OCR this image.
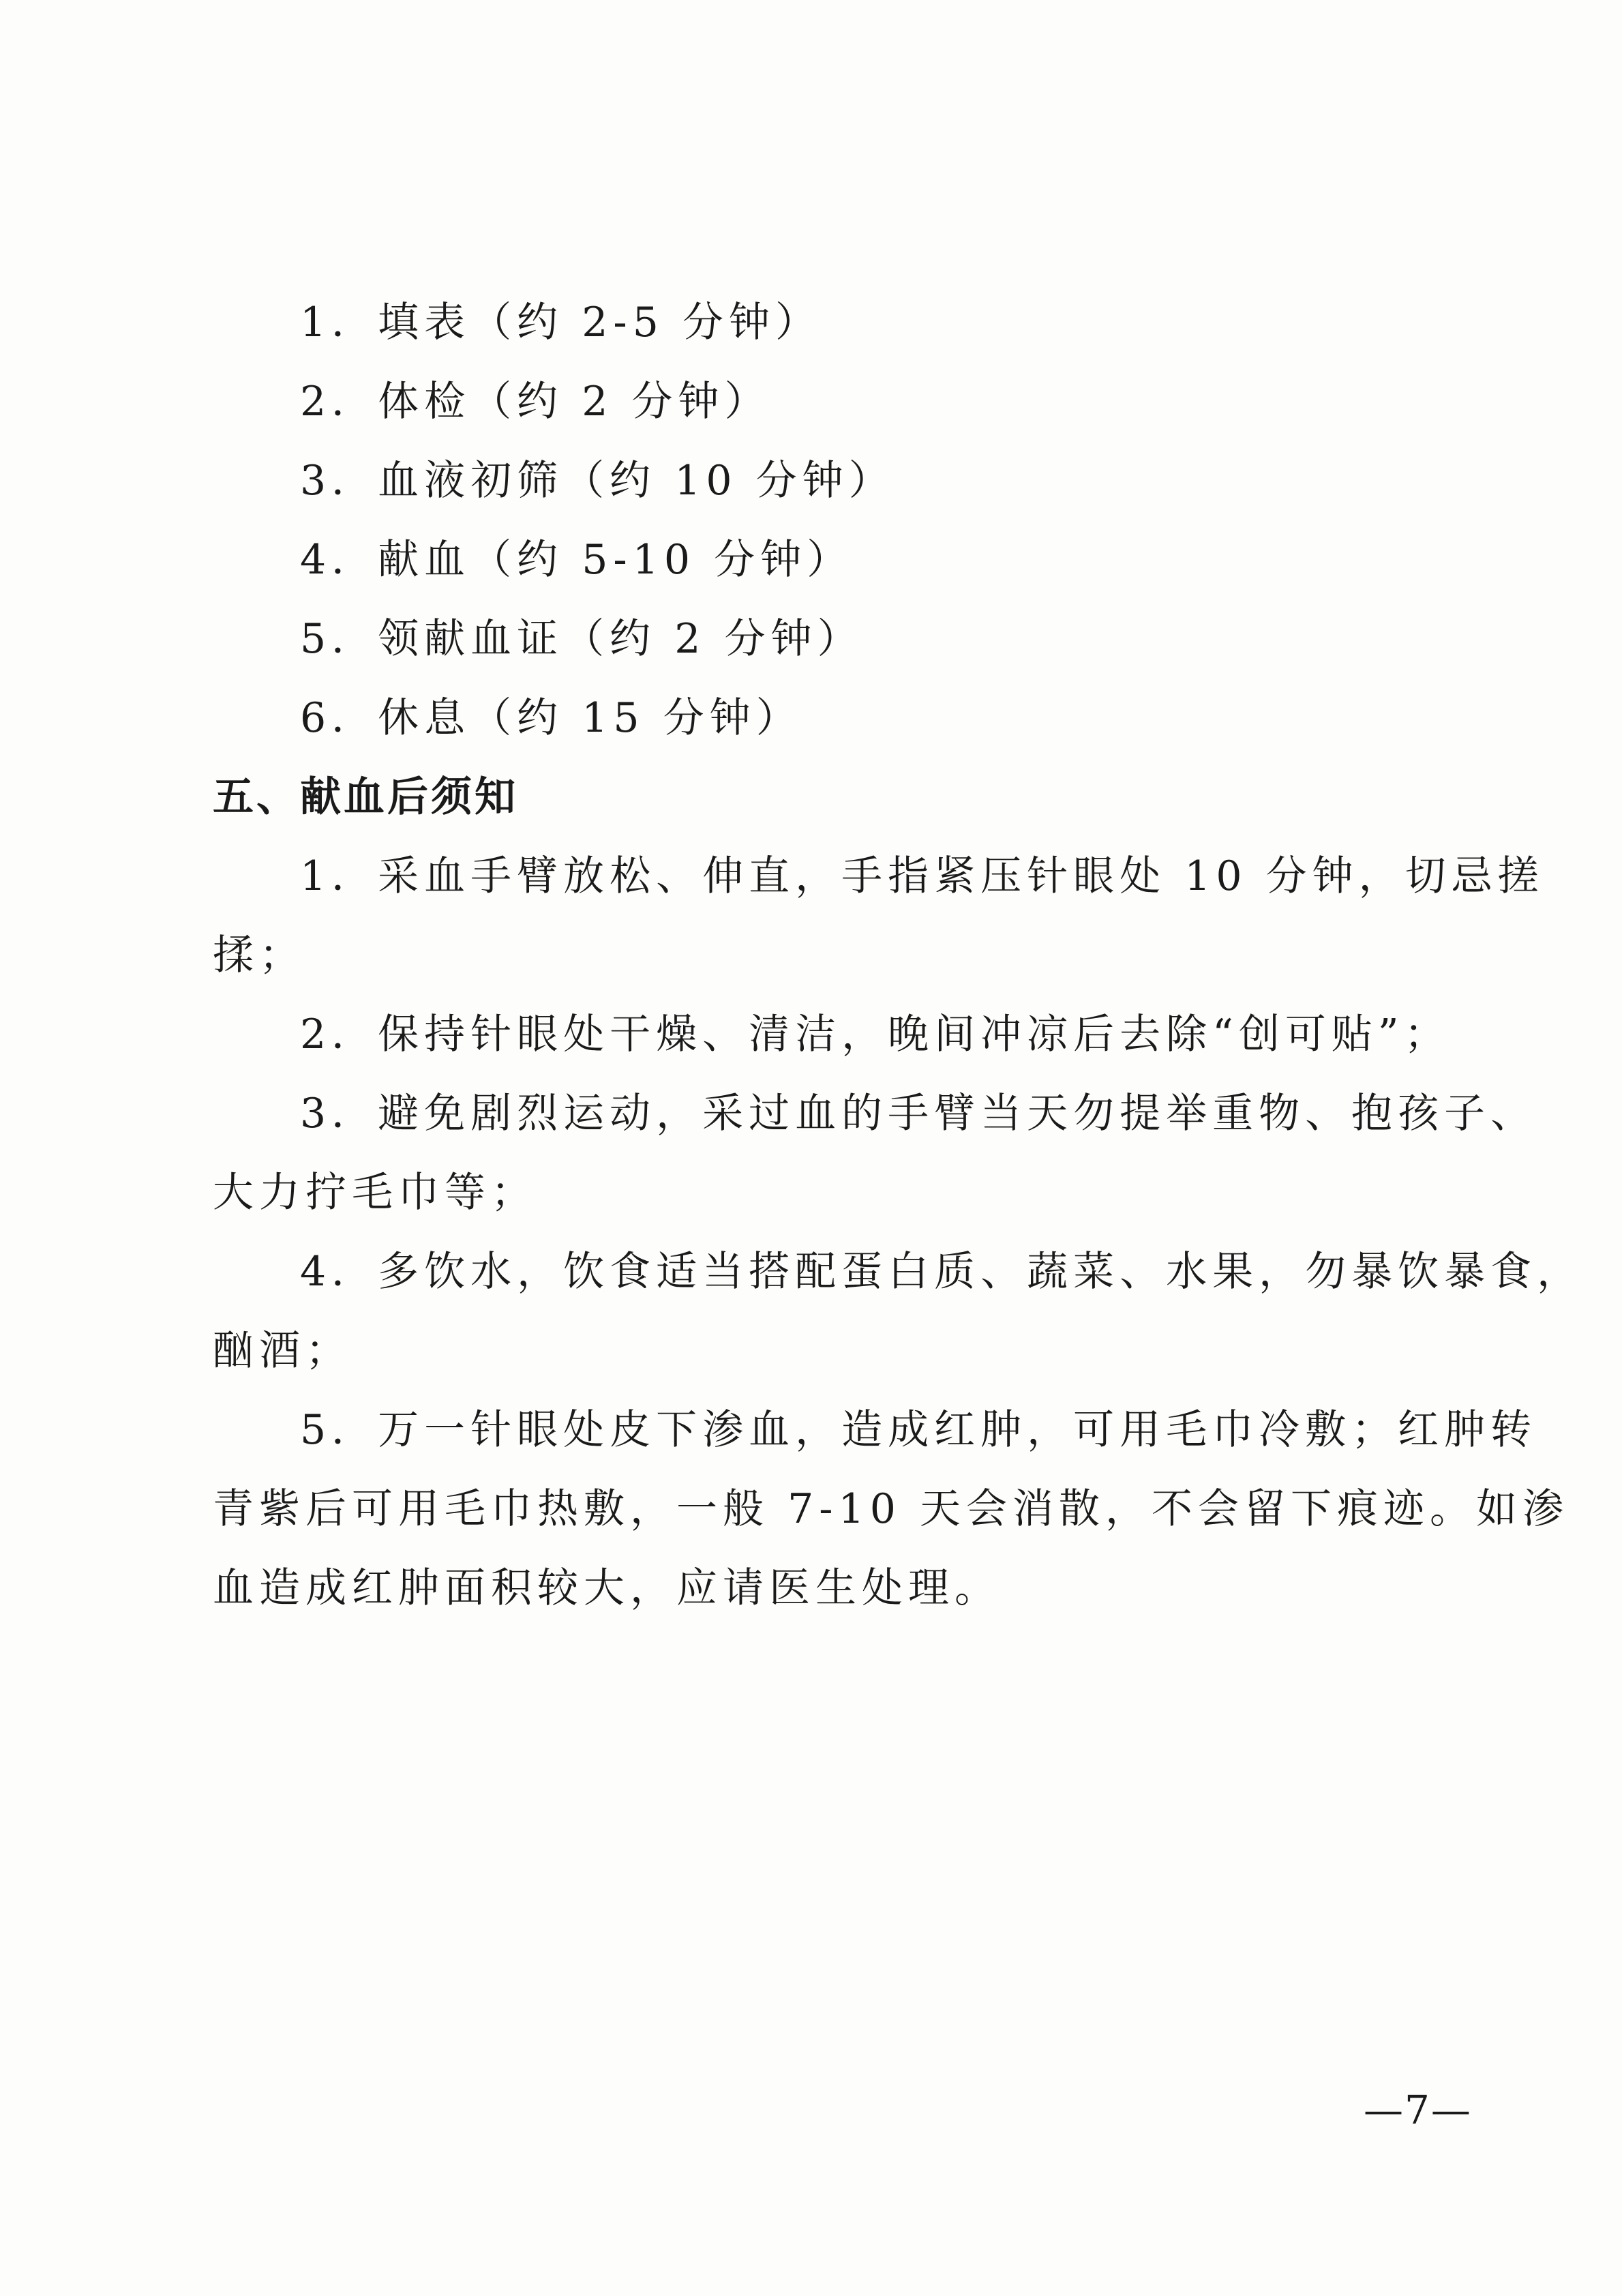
1．填表（约 2-5 分钟）
2．体检（约 2 分钟）
3．血液初筛（约 10 分钟）
4．献血（约 5-10 分钟）
5．领献血证（约 2 分钟）
6．休息（约 15 分钟）
五、献血后须知
1．采血手臂放松、伸直，手指紧压针眼处 10 分钟，切忌搓
揉；
2．保持针眼处干燥、清洁，晚间冲凉后去除“创可贴”；
3．避免剧烈运动，采过血的手臂当天勿提举重物、抱孩子、
大力拧毛巾等；
4．多饮水，饮食适当搭配蛋白质、蔬菜、水果，勿暴饮暴食，
酗酒；
5．万一针眼处皮下渗血，造成红肿，可用毛巾冷敷；红肿转
青紫后可用毛巾热敷，一般 7-10 天会消散，不会留下痕迹。如渗
血造成红肿面积较大，应请医生处理。
—7—
